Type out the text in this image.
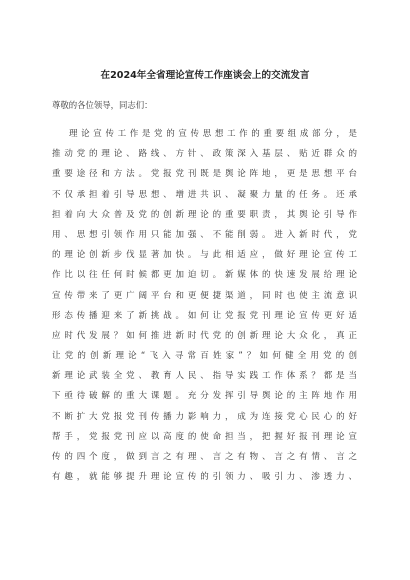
在2024年全省理论宣传工作座谈会上的交流发言
尊敬的各位领导，同志们：
理论宣传工作是党的宣传思想工作的重要组成部分，是
推动党的理论、路线、方针、政策深入基层、贴近群众的
重要途径和方法。党报党刊既是舆论阵地，更是思想平台
不仅承担着引导思想、增进共识、凝聚力量的任务。还承
担着向大众普及党的创新理论的重要职责，其舆论引导作
用、思想引领作用只能加强、不能削弱。进入新时代，党
的理论创新步伐显著加快。与此相适应，做好理论宣传工
作比以往任何时候都更加迫切。新媒体的快速发展给理论
宣传带来了更广阔平台和更便捷渠道，同时也使主流意识
形态传播迎来了新挑战。如何让党报党刊理论宣传更好适
应时代发展？如何推进新时代党的创新理论大众化，真正
让党的创新理论“飞入寻常百姓家”？如何健全用党的创
新理论武装全党、教育人民、指导实践工作体系？都是当
下亟待破解的重大课题。充分发挥引导舆论的主阵地作用
不断扩大党报党刊传播力影响力，成为连接党心民心的好
帮手，党报党刊应以高度的使命担当，把握好报刊理论宣
传的四个度，做到言之有理、言之有物、言之有情、言之
有趣，就能够提升理论宣传的引领力、吸引力、渗透力、
